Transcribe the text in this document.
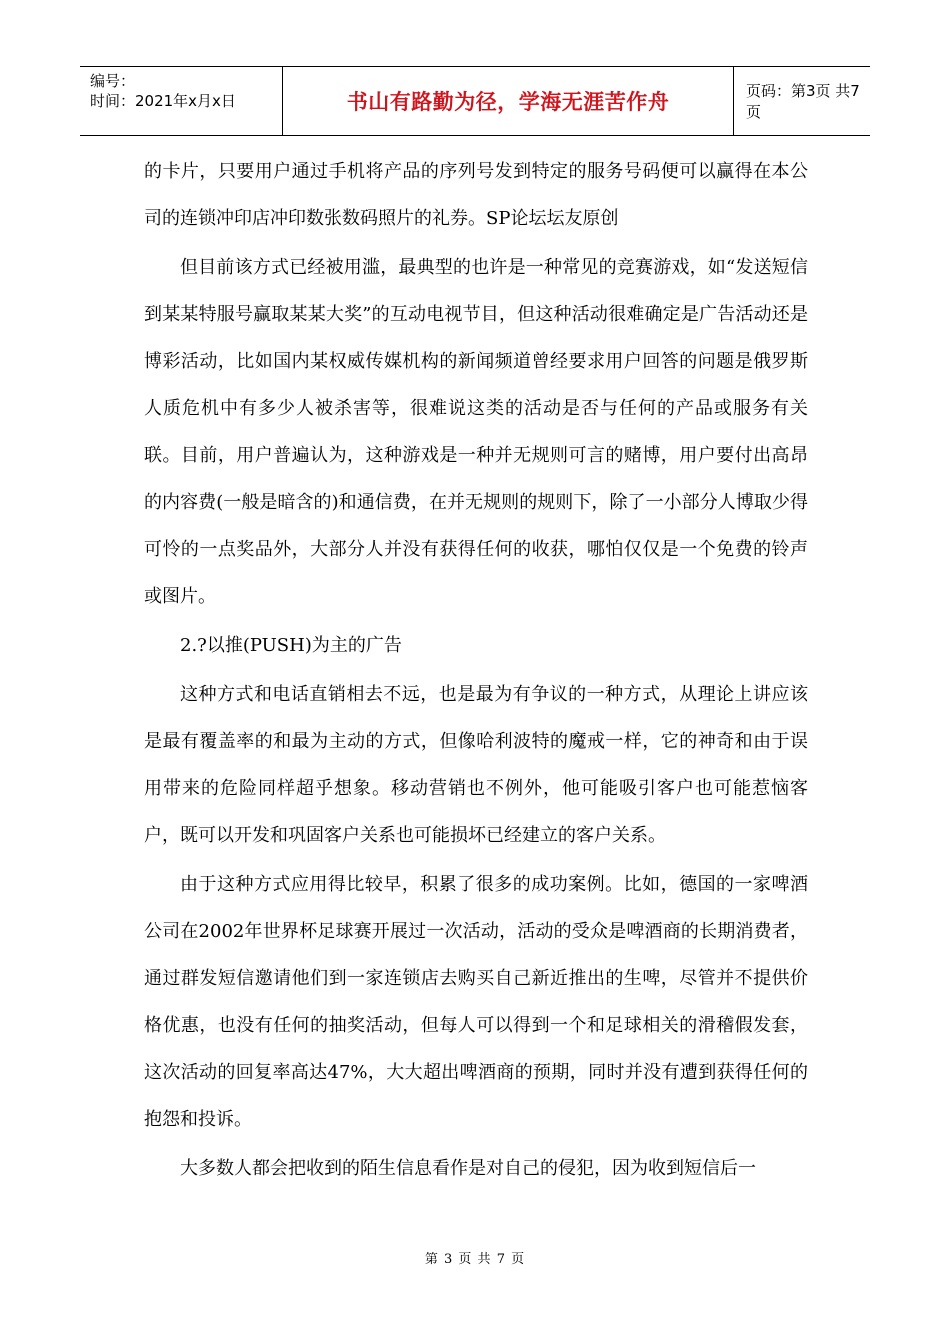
编号：
时间：2021年x月x日	书山有路勤为径，学海无涯苦作舟	页码：第3页 共7页

的卡片，只要用户通过手机将产品的序列号发到特定的服务号码便可以赢得在本公司的连锁冲印店冲印数张数码照片的礼券。SP论坛坛友原创

但目前该方式已经被用滥，最典型的也许是一种常见的竞赛游戏，如“发送短信到某某特服号赢取某某大奖”的互动电视节目，但这种活动很难确定是广告活动还是博彩活动，比如国内某权威传媒机构的新闻频道曾经要求用户回答的问题是俄罗斯人质危机中有多少人被杀害等，很难说这类的活动是否与任何的产品或服务有关联。目前，用户普遍认为，这种游戏是一种并无规则可言的赌博，用户要付出高昂的内容费(一般是暗含的)和通信费，在并无规则的规则下，除了一小部分人博取少得可怜的一点奖品外，大部分人并没有获得任何的收获，哪怕仅仅是一个免费的铃声或图片。

2.?以推(PUSH)为主的广告

这种方式和电话直销相去不远，也是最为有争议的一种方式，从理论上讲应该是最有覆盖率的和最为主动的方式，但像哈利波特的魔戒一样，它的神奇和由于误用带来的危险同样超乎想象。移动营销也不例外，他可能吸引客户也可能惹恼客户，既可以开发和巩固客户关系也可能损坏已经建立的客户关系。

由于这种方式应用得比较早，积累了很多的成功案例。比如，德国的一家啤酒公司在2002年世界杯足球赛开展过一次活动，活动的受众是啤酒商的长期消费者，通过群发短信邀请他们到一家连锁店去购买自己新近推出的生啤，尽管并不提供价格优惠，也没有任何的抽奖活动，但每人可以得到一个和足球相关的滑稽假发套，这次活动的回复率高达47%，大大超出啤酒商的预期，同时并没有遭到获得任何的抱怨和投诉。

大多数人都会把收到的陌生信息看作是对自己的侵犯，因为收到短信后一

第 3 页 共 7 页
